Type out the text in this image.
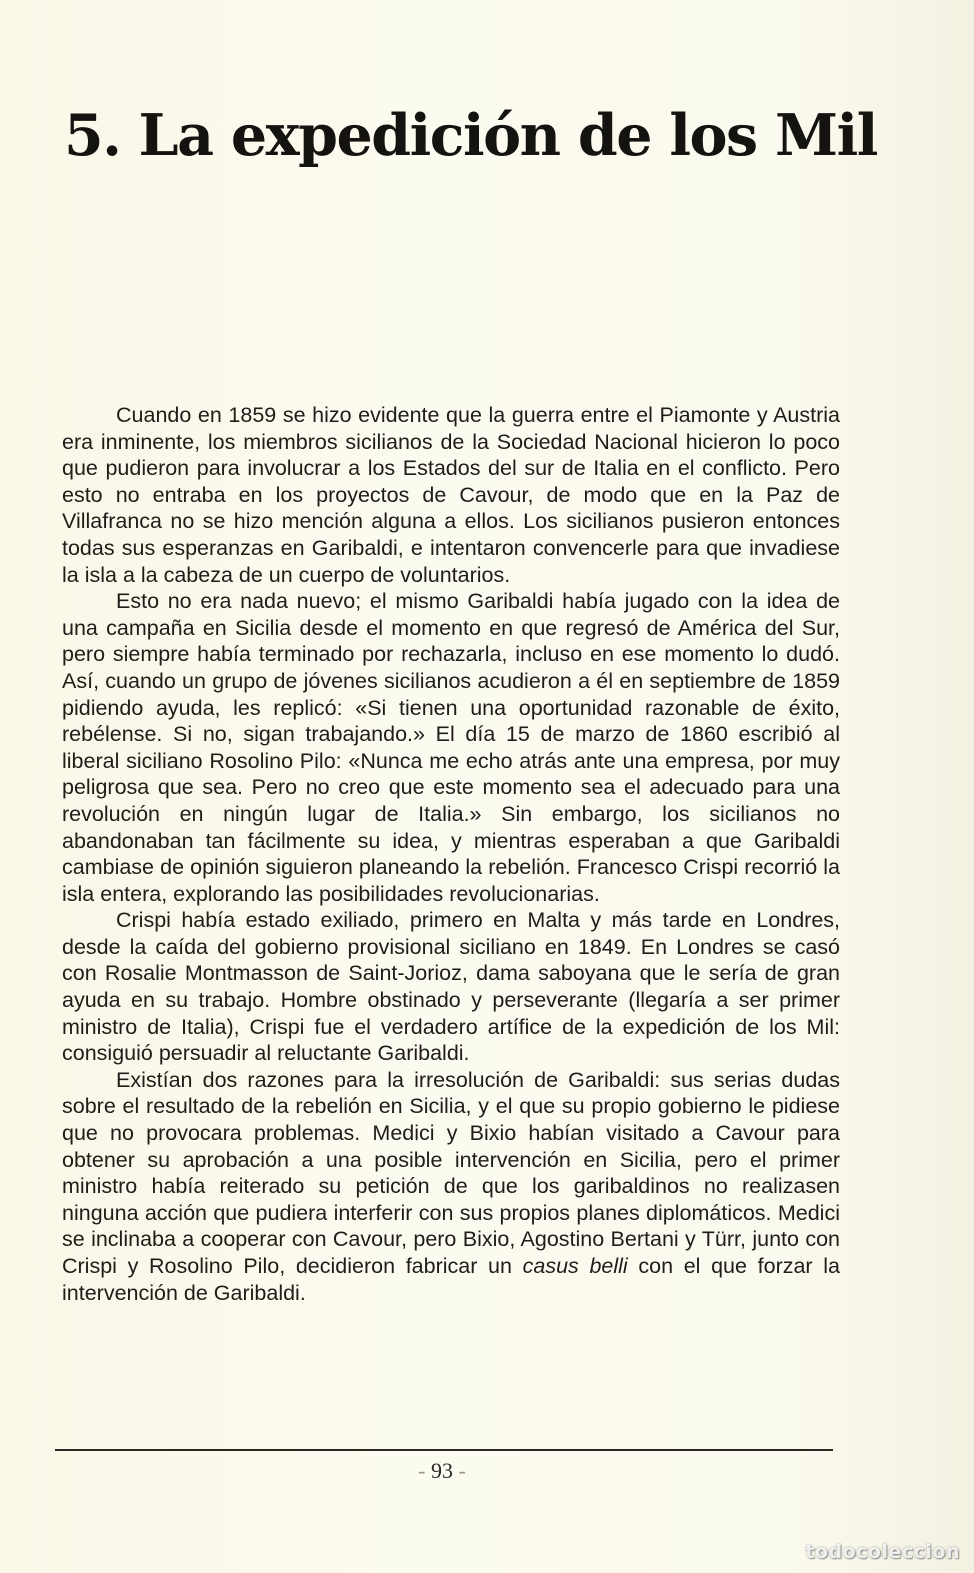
5. La expedición de los Mil

Cuando en 1859 se hizo evidente que la guerra entre el Piamonte y Austria era inminente, los miembros sicilianos de la Sociedad Nacional hicieron lo poco que pudieron para involucrar a los Estados del sur de Italia en el conflicto. Pero esto no entraba en los proyectos de Cavour, de modo que en la Paz de Villafranca no se hizo mención alguna a ellos. Los sicilianos pusieron entonces todas sus esperanzas en Garibaldi, e intentaron convencerle para que invadiese la isla a la cabeza de un cuerpo de voluntarios.

Esto no era nada nuevo; el mismo Garibaldi había jugado con la idea de una campaña en Sicilia desde el momento en que regresó de América del Sur, pero siempre había terminado por rechazarla, incluso en ese momento lo dudó. Así, cuando un grupo de jóvenes sicilianos acudieron a él en septiembre de 1859 pidiendo ayuda, les replicó: «Si tienen una oportunidad razonable de éxito, rebélense. Si no, sigan trabajando.» El día 15 de marzo de 1860 escribió al liberal siciliano Rosolino Pilo: «Nunca me echo atrás ante una empresa, por muy peligrosa que sea. Pero no creo que este momento sea el adecuado para una revolución en ningún lugar de Italia.» Sin embargo, los sicilianos no abandonaban tan fácilmente su idea, y mientras esperaban a que Garibaldi cambiase de opinión siguieron planeando la rebelión. Francesco Crispi recorrió la isla entera, explorando las posibilidades revolucionarias.

Crispi había estado exiliado, primero en Malta y más tarde en Londres, desde la caída del gobierno provisional siciliano en 1849. En Londres se casó con Rosalie Montmasson de Saint-Jorioz, dama saboyana que le sería de gran ayuda en su trabajo. Hombre obstinado y perseverante (llegaría a ser primer ministro de Italia), Crispi fue el verdadero artífice de la expedición de los Mil: consiguió persuadir al reluctante Garibaldi.

Existían dos razones para la irresolución de Garibaldi: sus serias dudas sobre el resultado de la rebelión en Sicilia, y el que su propio gobierno le pidiese que no provocara problemas. Medici y Bixio habían visitado a Cavour para obtener su aprobación a una posible intervención en Sicilia, pero el primer ministro había reiterado su petición de que los garibaldinos no realizasen ninguna acción que pudiera interferir con sus propios planes diplomáticos. Medici se inclinaba a cooperar con Cavour, pero Bixio, Agostino Bertani y Türr, junto con Crispi y Rosolino Pilo, decidieron fabricar un casus belli con el que forzar la intervención de Garibaldi.

- 93 -
todocoleccion
